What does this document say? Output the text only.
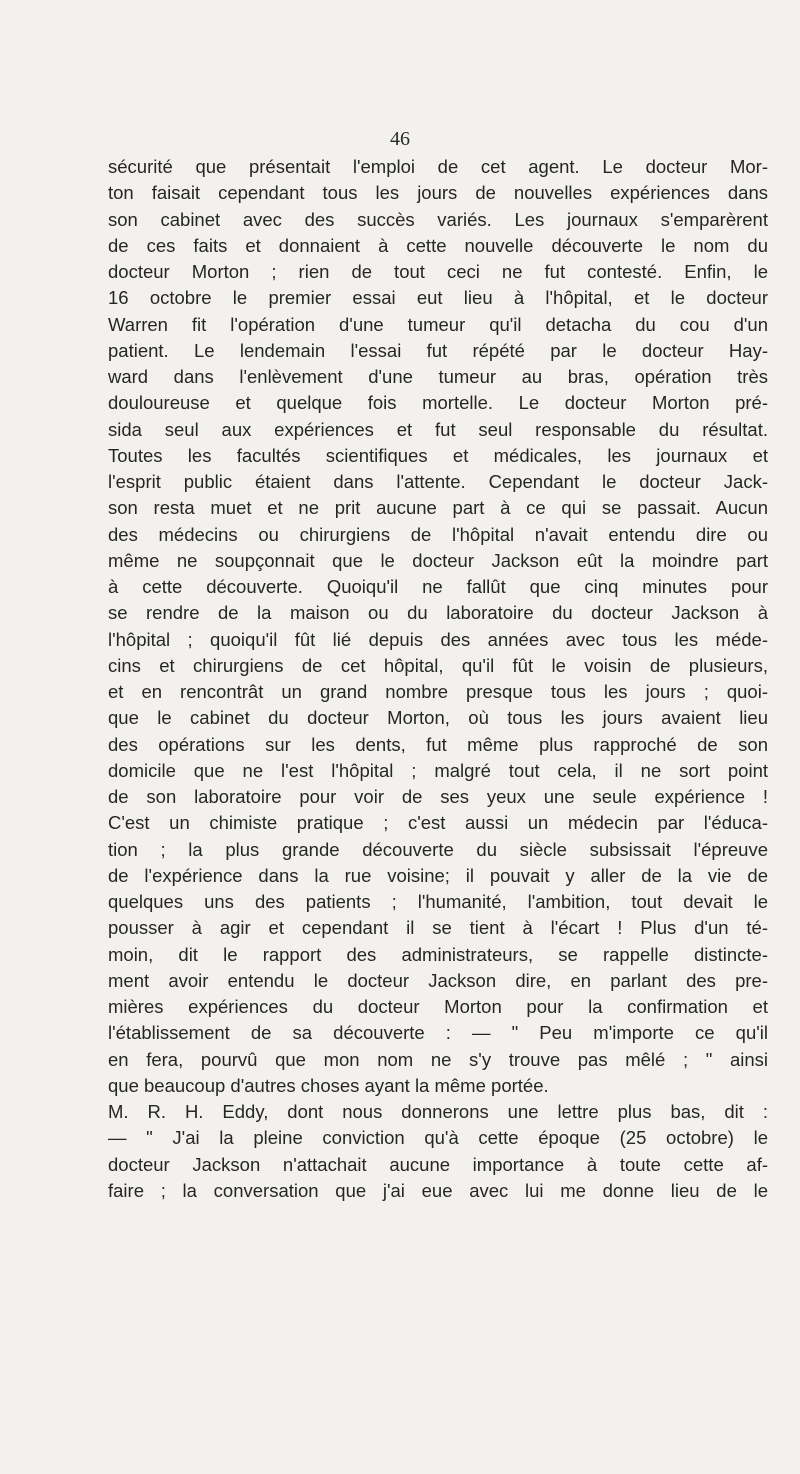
46
sécurité que présentait l'emploi de cet agent. Le docteur Mor-
ton faisait cependant tous les jours de nouvelles expériences dans
son cabinet avec des succès variés. Les journaux s'emparèrent
de ces faits et donnaient à cette nouvelle découverte le nom du
docteur Morton ; rien de tout ceci ne fut contesté. Enfin, le
16 octobre le premier essai eut lieu à l'hôpital, et le docteur
Warren fit l'opération d'une tumeur qu'il detacha du cou d'un
patient. Le lendemain l'essai fut répété par le docteur Hay-
ward dans l'enlèvement d'une tumeur au bras, opération très
douloureuse et quelque fois mortelle. Le docteur Morton pré-
sida seul aux expériences et fut seul responsable du résultat.
Toutes les facultés scientifiques et médicales, les journaux et
l'esprit public étaient dans l'attente. Cependant le docteur Jack-
son resta muet et ne prit aucune part à ce qui se passait. Aucun
des médecins ou chirurgiens de l'hôpital n'avait entendu dire ou
même ne soupçonnait que le docteur Jackson eût la moindre part
à cette découverte. Quoiqu'il ne fallût que cinq minutes pour
se rendre de la maison ou du laboratoire du docteur Jackson à
l'hôpital ; quoiqu'il fût lié depuis des années avec tous les méde-
cins et chirurgiens de cet hôpital, qu'il fût le voisin de plusieurs,
et en rencontrât un grand nombre presque tous les jours ; quoi-
que le cabinet du docteur Morton, où tous les jours avaient lieu
des opérations sur les dents, fut même plus rapproché de son
domicile que ne l'est l'hôpital ; malgré tout cela, il ne sort point
de son laboratoire pour voir de ses yeux une seule expérience !
C'est un chimiste pratique ; c'est aussi un médecin par l'éduca-
tion ; la plus grande découverte du siècle subsissait l'épreuve
de l'expérience dans la rue voisine; il pouvait y aller de la vie de
quelques uns des patients ; l'humanité, l'ambition, tout devait le
pousser à agir et cependant il se tient à l'écart ! Plus d'un té-
moin, dit le rapport des administrateurs, se rappelle distincte-
ment avoir entendu le docteur Jackson dire, en parlant des pre-
mières expériences du docteur Morton pour la confirmation et
l'établissement de sa découverte : — " Peu m'importe ce qu'il
en fera, pourvû que mon nom ne s'y trouve pas mêlé ; " ainsi
que beaucoup d'autres choses ayant la même portée.
M. R. H. Eddy, dont nous donnerons une lettre plus bas, dit :
— " J'ai la pleine conviction qu'à cette époque (25 octobre) le
docteur Jackson n'attachait aucune importance à toute cette af-
faire ; la conversation que j'ai eue avec lui me donne lieu de le
